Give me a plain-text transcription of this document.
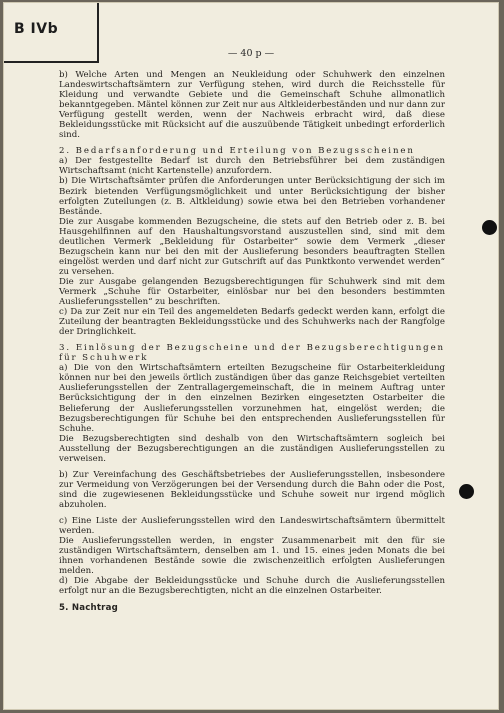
B IVb
— 40 p —

b) Welche Arten und Mengen an Neukleidung oder Schuhwerk den einzelnen Landeswirtschaftsämtern zur Verfügung stehen, wird durch die Reichsstelle für Kleidung und verwandte Gebiete und die Gemeinschaft Schuhe allmonatlich bekanntgegeben. Mäntel können zur Zeit nur aus Altkleiderbeständen und nur dann zur Verfügung gestellt werden, wenn der Nachweis erbracht wird, daß diese Bekleidungsstücke mit Rücksicht auf die auszuübende Tätigkeit unbedingt erforderlich sind.

2. Bedarfsanforderung und Erteilung von Bezugsscheinen

a) Der festgestellte Bedarf ist durch den Betriebsführer bei dem zuständigen Wirtschaftsamt (nicht Kartenstelle) anzufordern.

b) Die Wirtschaftsämter prüfen die Anforderungen unter Berücksichtigung der sich im Bezirk bietenden Verfügungsmöglichkeit und unter Berücksichtigung der bisher erfolgten Zuteilungen (z. B. Altkleidung) sowie etwa bei den Betrieben vorhandener Bestände.

Die zur Ausgabe kommenden Bezugscheine, die stets auf den Betrieb oder z. B. bei Hausgehilfinnen auf den Haushaltungsvorstand auszustellen sind, sind mit dem deutlichen Vermerk „Bekleidung für Ostarbeiter“ sowie dem Vermerk „dieser Bezugschein kann nur bei den mit der Auslieferung besonders beauftragten Stellen eingelöst werden und darf nicht zur Gutschrift auf das Punktkonto verwendet werden“ zu versehen.

Die zur Ausgabe gelangenden Bezugsberechtigungen für Schuhwerk sind mit dem Vermerk „Schuhe für Ostarbeiter, einlösbar nur bei den besonders bestimmten Auslieferungsstellen“ zu beschriften.

c) Da zur Zeit nur ein Teil des angemeldeten Bedarfs gedeckt werden kann, erfolgt die Zuteilung der beantragten Bekleidungsstücke und des Schuhwerks nach der Rangfolge der Dringlichkeit.

3. Einlösung der Bezugscheine und der Bezugsberechtigungen für Schuhwerk

a) Die von den Wirtschaftsämtern erteilten Bezugscheine für Ostarbeiterkleidung können nur bei den jeweils örtlich zuständigen über das ganze Reichsgebiet verteilten Auslieferungsstellen der Zentrallagergemeinschaft, die in meinem Auftrag unter Berücksichtigung der in den einzelnen Bezirken eingesetzten Ostarbeiter die Belieferung der Auslieferungsstellen vorzunehmen hat, eingelöst werden; die Bezugsberechtigungen für Schuhe bei den entsprechenden Auslieferungsstellen für Schuhe.

Die Bezugsberechtigten sind deshalb von den Wirtschaftsämtern sogleich bei Ausstellung der Bezugsberechtigungen an die zuständigen Auslieferungsstellen zu verweisen.

b) Zur Vereinfachung des Geschäftsbetriebes der Auslieferungsstellen, insbesondere zur Vermeidung von Verzögerungen bei der Versendung durch die Bahn oder die Post, sind die zugewiesenen Bekleidungsstücke und Schuhe soweit nur irgend möglich abzuholen.

c) Eine Liste der Auslieferungsstellen wird den Landeswirtschaftsämtern übermittelt werden.

Die Auslieferungsstellen werden, in engster Zusammenarbeit mit den für sie zuständigen Wirtschaftsämtern, denselben am 1. und 15. eines jeden Monats die bei ihnen vorhandenen Bestände sowie die zwischenzeitlich erfolgten Auslieferungen melden.

d) Die Abgabe der Bekleidungsstücke und Schuhe durch die Auslieferungsstellen erfolgt nur an die Bezugsberechtigten, nicht an die einzelnen Ostarbeiter.

5. Nachtrag
